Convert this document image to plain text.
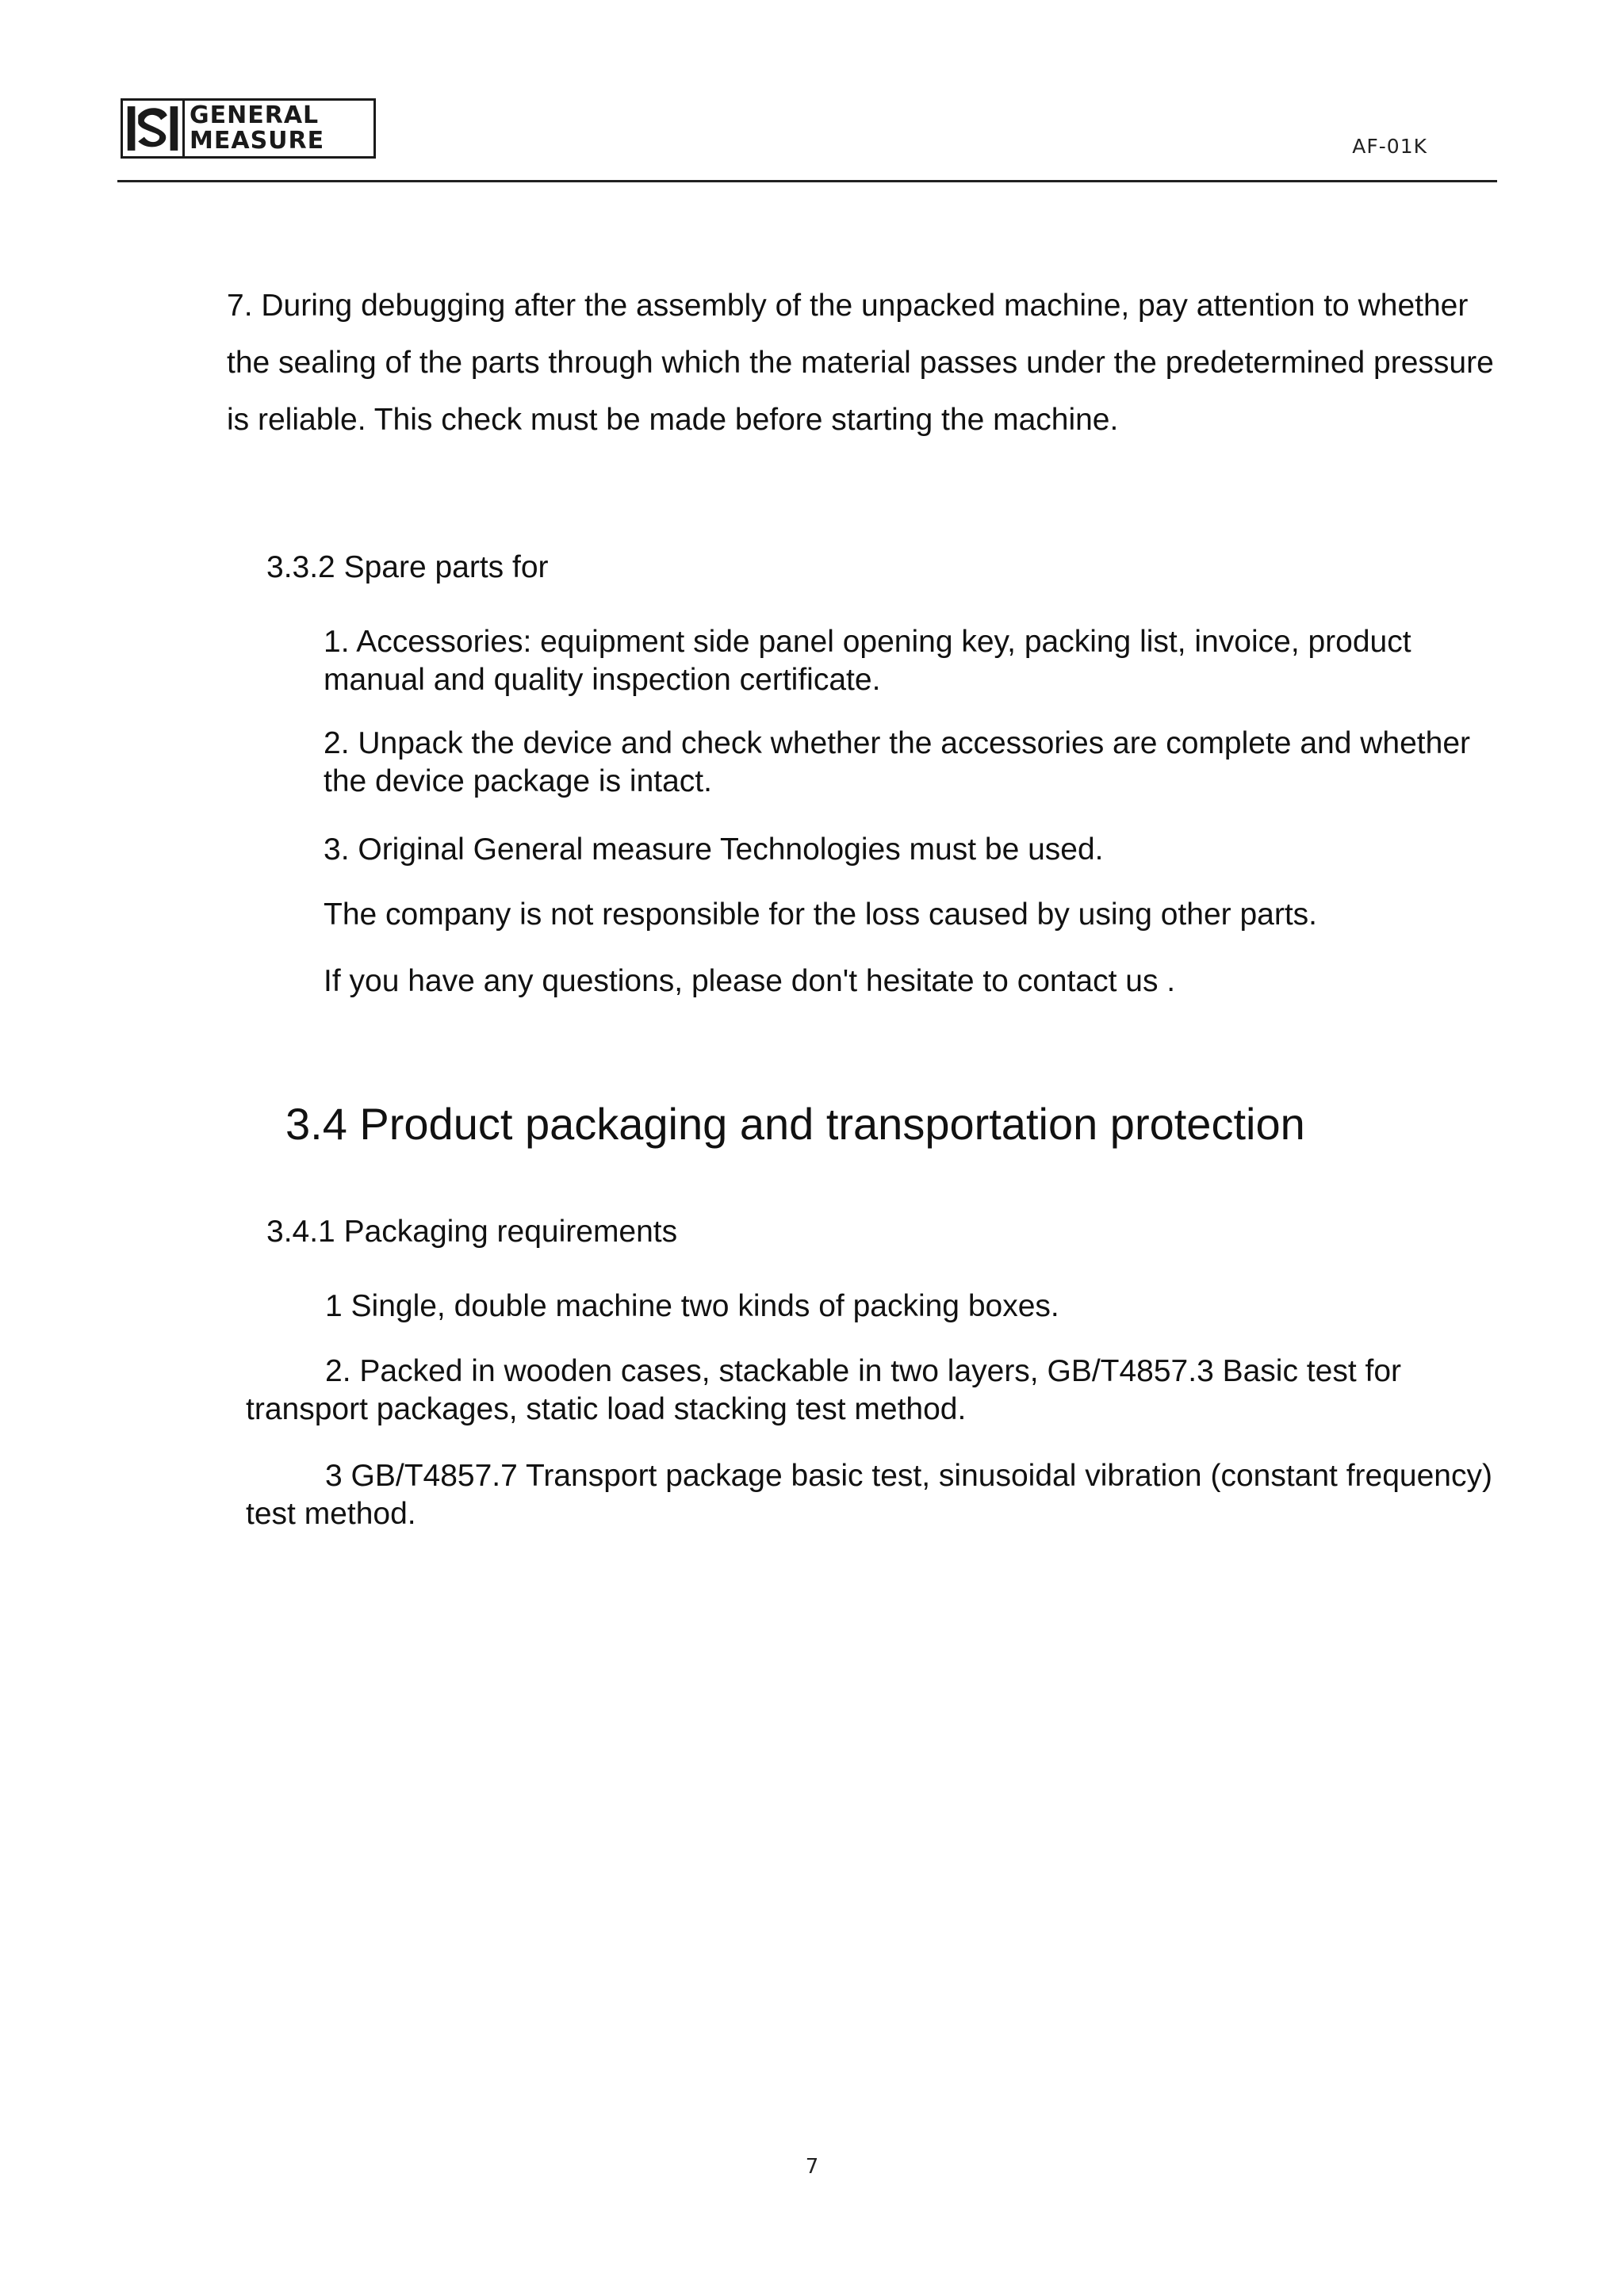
GENERAL
MEASURE	AF-01K

7. During debugging after the assembly of the unpacked machine, pay attention to whether the sealing of the parts through which the material passes under the predetermined pressure is reliable. This check must be made before starting the machine.

3.3.2 Spare parts for

1. Accessories: equipment side panel opening key, packing list, invoice, product manual and quality inspection certificate.

2. Unpack the device and check whether the accessories are complete and whether the device package is intact.

3. Original General measure Technologies must be used.

The company is not responsible for the loss caused by using other parts.

If you have any questions, please don't hesitate to contact us .

3.4 Product packaging and transportation protection

3.4.1 Packaging requirements

1 Single, double machine two kinds of packing boxes.

2. Packed in wooden cases, stackable in two layers, GB/T4857.3 Basic test for transport packages, static load stacking test method.

3 GB/T4857.7 Transport package basic test, sinusoidal vibration (constant frequency) test method.

7
